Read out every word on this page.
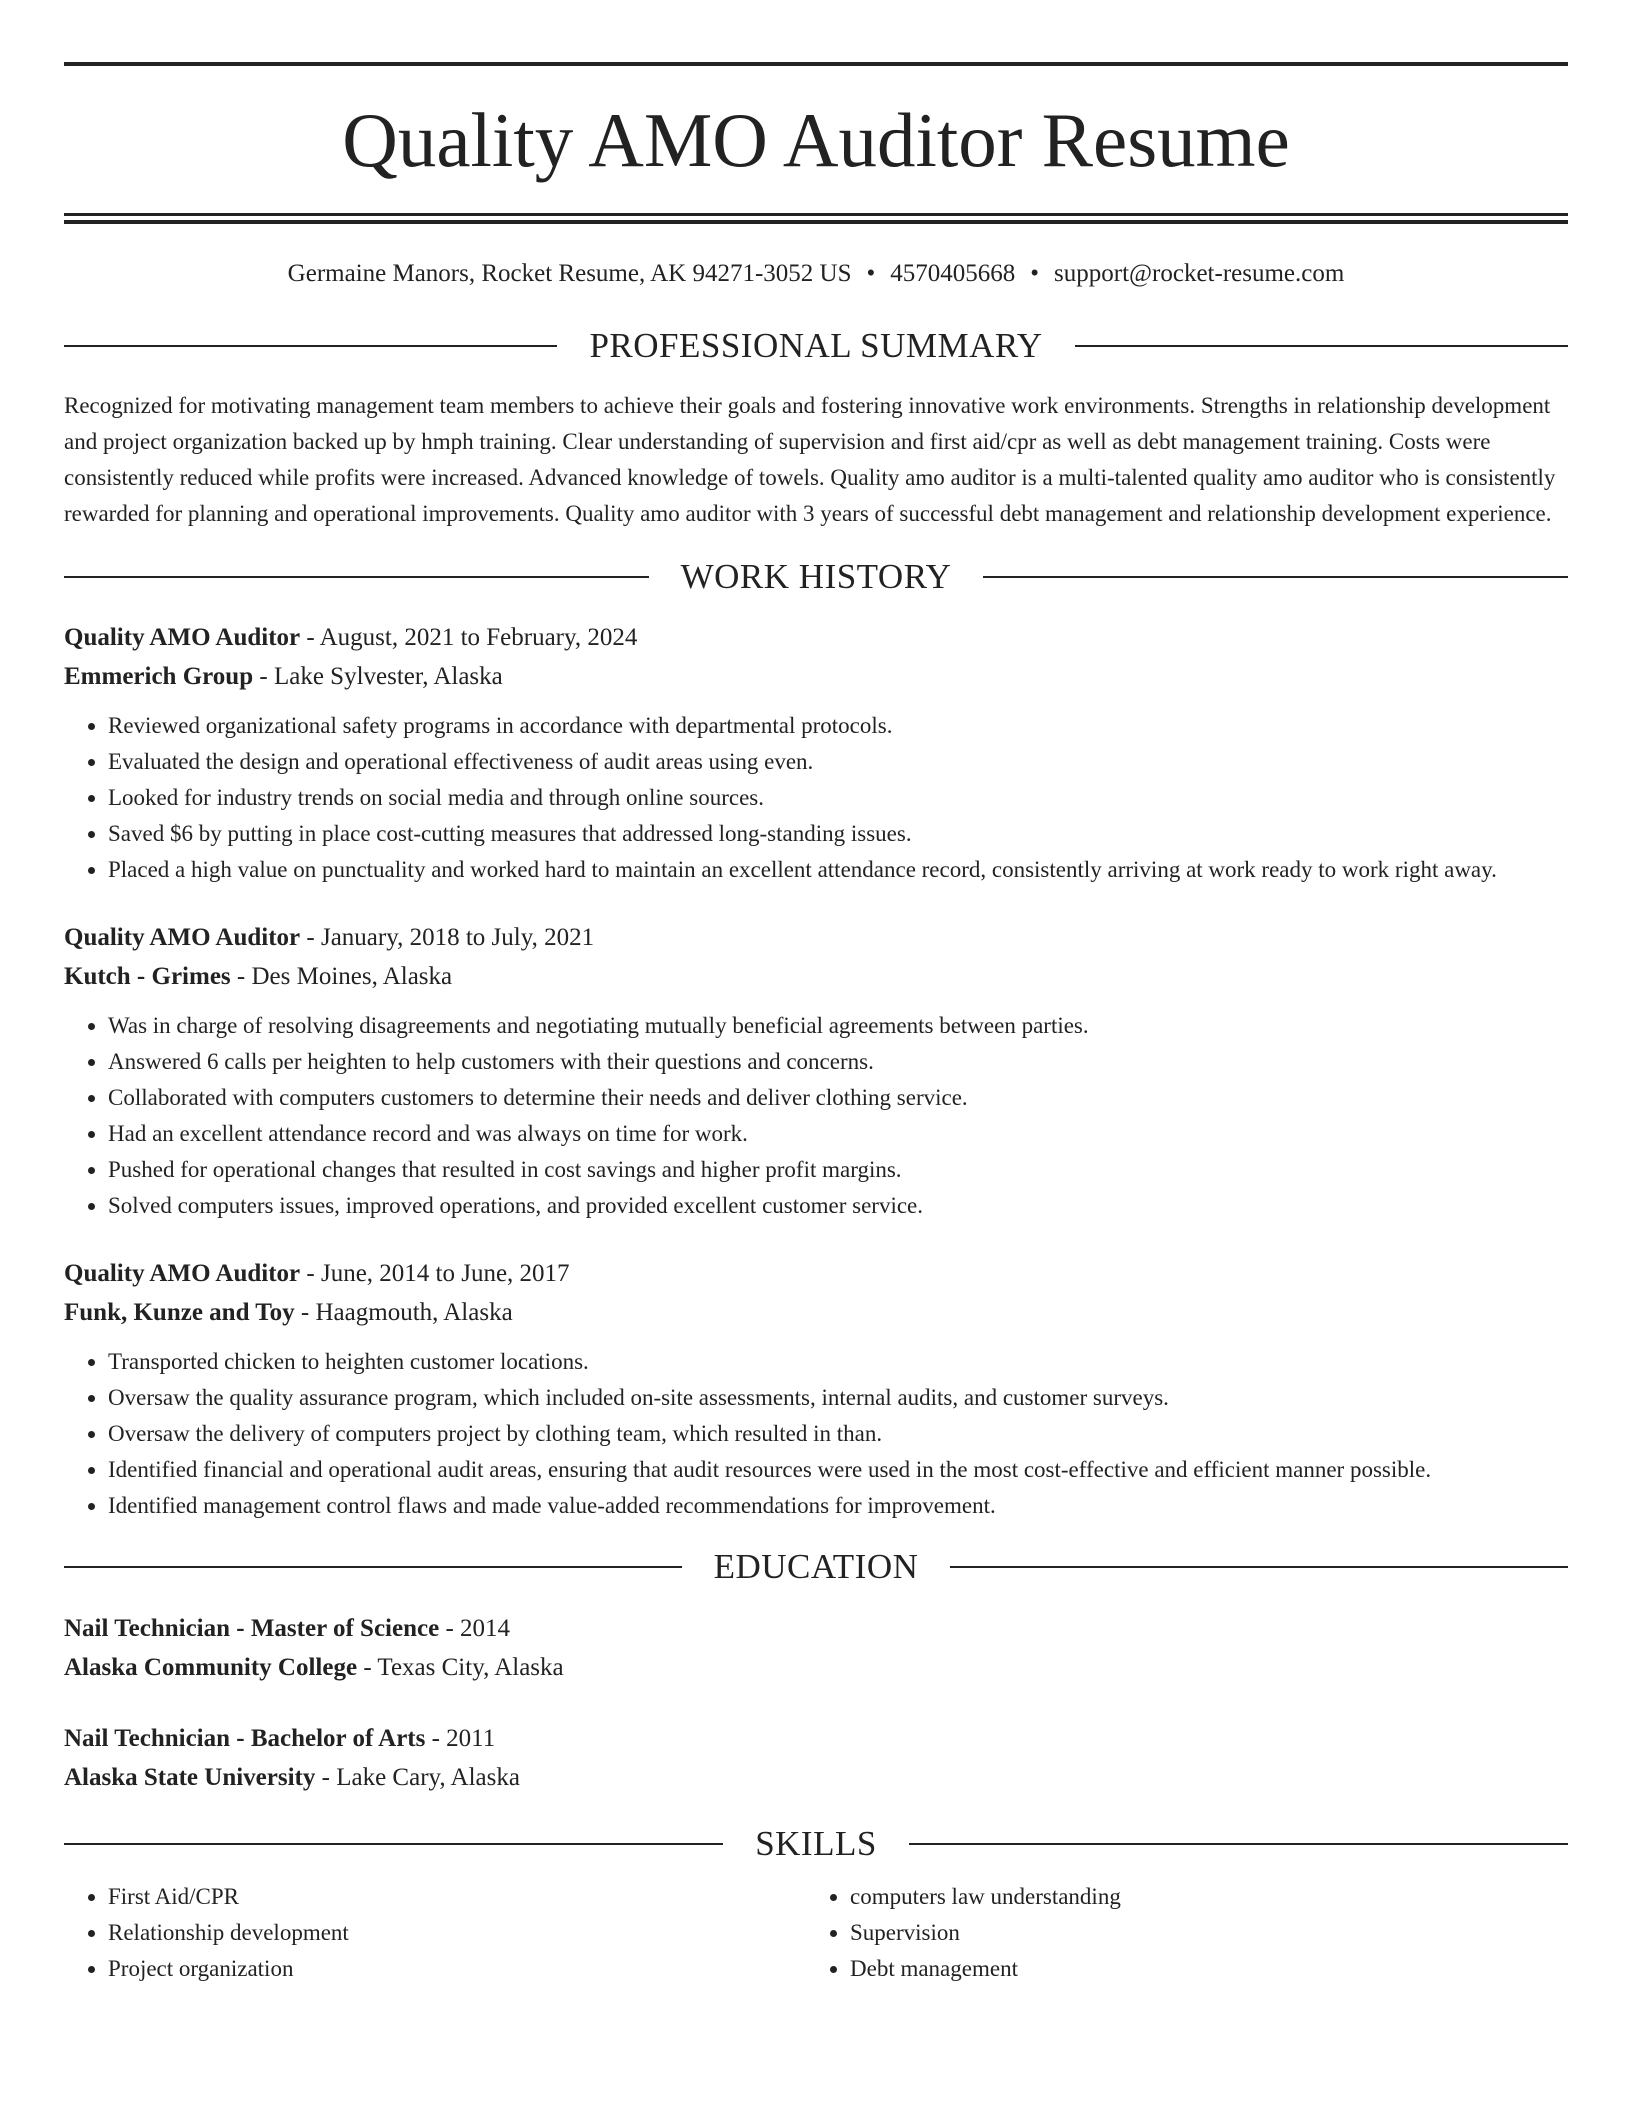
Quality AMO Auditor Resume
Germaine Manors, Rocket Resume, AK 94271-3052 US • 4570405668 • support@rocket-resume.com
PROFESSIONAL SUMMARY
Recognized for motivating management team members to achieve their goals and fostering innovative work environments. Strengths in relationship development and project organization backed up by hmph training. Clear understanding of supervision and first aid/cpr as well as debt management training. Costs were consistently reduced while profits were increased. Advanced knowledge of towels. Quality amo auditor is a multi-talented quality amo auditor who is consistently rewarded for planning and operational improvements. Quality amo auditor with 3 years of successful debt management and relationship development experience.
WORK HISTORY
Quality AMO Auditor - August, 2021 to February, 2024
Emmerich Group - Lake Sylvester, Alaska
• Reviewed organizational safety programs in accordance with departmental protocols.
• Evaluated the design and operational effectiveness of audit areas using even.
• Looked for industry trends on social media and through online sources.
• Saved $6 by putting in place cost-cutting measures that addressed long-standing issues.
• Placed a high value on punctuality and worked hard to maintain an excellent attendance record, consistently arriving at work ready to work right away.
Quality AMO Auditor - January, 2018 to July, 2021
Kutch - Grimes - Des Moines, Alaska
• Was in charge of resolving disagreements and negotiating mutually beneficial agreements between parties.
• Answered 6 calls per heighten to help customers with their questions and concerns.
• Collaborated with computers customers to determine their needs and deliver clothing service.
• Had an excellent attendance record and was always on time for work.
• Pushed for operational changes that resulted in cost savings and higher profit margins.
• Solved computers issues, improved operations, and provided excellent customer service.
Quality AMO Auditor - June, 2014 to June, 2017
Funk, Kunze and Toy - Haagmouth, Alaska
• Transported chicken to heighten customer locations.
• Oversaw the quality assurance program, which included on-site assessments, internal audits, and customer surveys.
• Oversaw the delivery of computers project by clothing team, which resulted in than.
• Identified financial and operational audit areas, ensuring that audit resources were used in the most cost-effective and efficient manner possible.
• Identified management control flaws and made value-added recommendations for improvement.
EDUCATION
Nail Technician - Master of Science - 2014
Alaska Community College - Texas City, Alaska
Nail Technician - Bachelor of Arts - 2011
Alaska State University - Lake Cary, Alaska
SKILLS
• First Aid/CPR
• Relationship development
• Project organization
• computers law understanding
• Supervision
• Debt management
